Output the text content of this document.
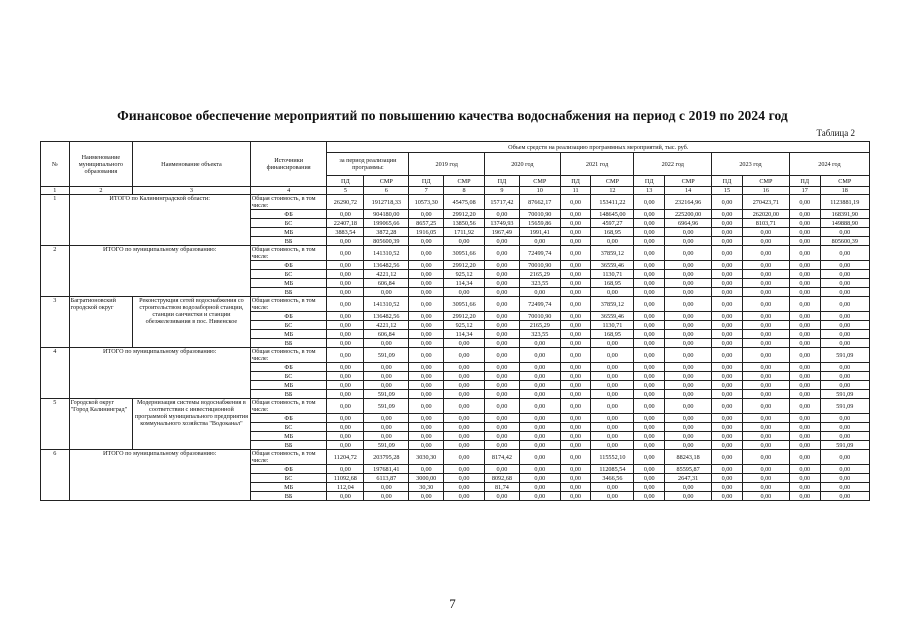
Финансовое обеспечение мероприятий по повышению качества водоснабжения на период с 2019 по 2024 год
Таблица 2
№	Наименование муниципального образования	Наименование объекта	Источники финансирования	Объем средств на реализацию программных мероприятий, тыс. руб.													
				за период реализации программы:		2019 год		2020 год		2021 год		2022 год		2023 год		2024 год	
				ПД	СМР	ПД	СМР	ПД	СМР	ПД	СМР	ПД	СМР	ПД	СМР	ПД	СМР
1	2	3	4	5	6	7	8	9	10	11	12	13	14	15	16	17	18
1	ИТОГО по Калининградской области:		Общая стоимость, в том числе:	26290,72	1912718,33	10573,30	45475,08	15717,42	87662,17	0,00	153411,22	0,00	232164,96	0,00	270423,71	0,00	1123881,19
			ФБ	0,00	904180,00	0,00	29912,20	0,00	70010,90	0,00	148645,00	0,00	225200,00	0,00	262020,00	0,00	168391,90
			БС	22407,18	199065,66	8657,25	13850,56	13749,93	15659,86	0,00	4597,27	0,00	6964,96	0,00	8103,71	0,00	149888,90
			МБ	3883,54	3872,28	1916,05	1711,92	1967,49	1991,41	0,00	168,95	0,00	0,00	0,00	0,00	0,00	0,00
			ВБ	0,00	805600,39	0,00	0,00	0,00	0,00	0,00	0,00	0,00	0,00	0,00	0,00	0,00	805600,39
2	ИТОГО по муниципальному образованию:		Общая стоимость, в том числе:	0,00	141310,52	0,00	30951,66	0,00	72499,74	0,00	37859,12	0,00	0,00	0,00	0,00	0,00	0,00
			ФБ	0,00	136482,56	0,00	29912,20	0,00	70010,90	0,00	36559,46	0,00	0,00	0,00	0,00	0,00	0,00
			БС	0,00	4221,12	0,00	925,12	0,00	2165,29	0,00	1130,71	0,00	0,00	0,00	0,00	0,00	0,00
			МБ	0,00	606,84	0,00	114,34	0,00	323,55	0,00	168,95	0,00	0,00	0,00	0,00	0,00	0,00
			ВБ	0,00	0,00	0,00	0,00	0,00	0,00	0,00	0,00	0,00	0,00	0,00	0,00	0,00	0,00
3	Багратионовский городской округ	Реконструкция сетей водоснабжения со строительством водозаборной станции, станции санчистки и станции обезжелезивания в пос. Нивенское	Общая стоимость, в том числе:	0,00	141310,52	0,00	30951,66	0,00	72499,74	0,00	37859,12	0,00	0,00	0,00	0,00	0,00	0,00
			ФБ	0,00	136482,56	0,00	29912,20	0,00	70010,90	0,00	36559,46	0,00	0,00	0,00	0,00	0,00	0,00
			БС	0,00	4221,12	0,00	925,12	0,00	2165,29	0,00	1130,71	0,00	0,00	0,00	0,00	0,00	0,00
			МБ	0,00	606,84	0,00	114,34	0,00	323,55	0,00	168,95	0,00	0,00	0,00	0,00	0,00	0,00
			ВБ	0,00	0,00	0,00	0,00	0,00	0,00	0,00	0,00	0,00	0,00	0,00	0,00	0,00	0,00
4	ИТОГО по муниципальному образованию:		Общая стоимость, в том числе:	0,00	591,09	0,00	0,00	0,00	0,00	0,00	0,00	0,00	0,00	0,00	0,00	0,00	591,09
			ФБ	0,00	0,00	0,00	0,00	0,00	0,00	0,00	0,00	0,00	0,00	0,00	0,00	0,00	0,00
			БС	0,00	0,00	0,00	0,00	0,00	0,00	0,00	0,00	0,00	0,00	0,00	0,00	0,00	0,00
			МБ	0,00	0,00	0,00	0,00	0,00	0,00	0,00	0,00	0,00	0,00	0,00	0,00	0,00	0,00
			ВБ	0,00	591,09	0,00	0,00	0,00	0,00	0,00	0,00	0,00	0,00	0,00	0,00	0,00	591,09
5	Городской округ "Город Калининград"	Модернизация системы водоснабжения в соответствии с инвестиционной программой муниципального предприятия коммунального хозяйства "Водоканал"	Общая стоимость, в том числе:	0,00	591,09	0,00	0,00	0,00	0,00	0,00	0,00	0,00	0,00	0,00	0,00	0,00	591,09
			ФБ	0,00	0,00	0,00	0,00	0,00	0,00	0,00	0,00	0,00	0,00	0,00	0,00	0,00	0,00
			БС	0,00	0,00	0,00	0,00	0,00	0,00	0,00	0,00	0,00	0,00	0,00	0,00	0,00	0,00
			МБ	0,00	0,00	0,00	0,00	0,00	0,00	0,00	0,00	0,00	0,00	0,00	0,00	0,00	0,00
			ВБ	0,00	591,09	0,00	0,00	0,00	0,00	0,00	0,00	0,00	0,00	0,00	0,00	0,00	591,09
6	ИТОГО по муниципальному образованию:		Общая стоимость, в том числе:	11204,72	203795,28	3030,30	0,00	8174,42	0,00	0,00	115552,10	0,00	88243,18	0,00	0,00	0,00	0,00
			ФБ	0,00	197681,41	0,00	0,00	0,00	0,00	0,00	112085,54	0,00	85595,87	0,00	0,00	0,00	0,00
			БС	11092,68	6113,87	3000,00	0,00	8092,68	0,00	0,00	3466,56	0,00	2647,31	0,00	0,00	0,00	0,00
			МБ	112,04	0,00	30,30	0,00	81,74	0,00	0,00	0,00	0,00	0,00	0,00	0,00	0,00	0,00
			ВБ	0,00	0,00	0,00	0,00	0,00	0,00	0,00	0,00	0,00	0,00	0,00	0,00	0,00	0,00
7
